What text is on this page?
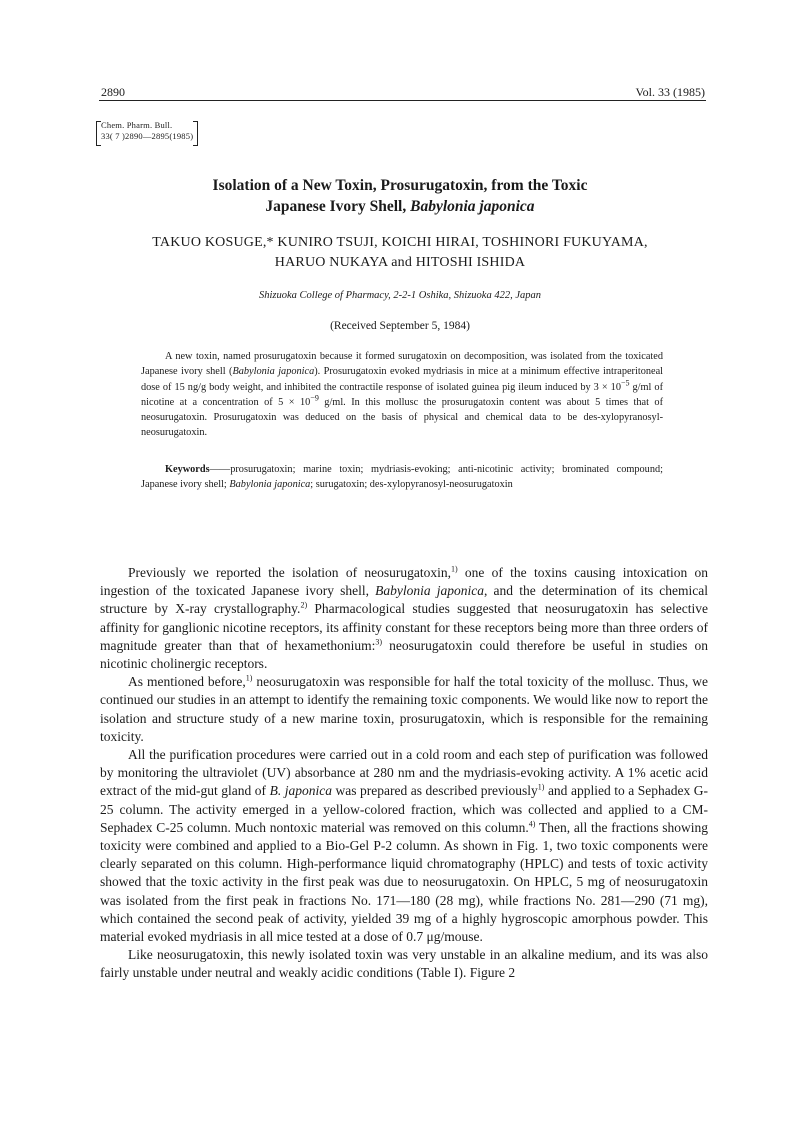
2890	Vol. 33 (1985)
Chem. Pharm. Bull.
33( 7 )2890—2895(1985)
Isolation of a New Toxin, Prosurugatoxin, from the Toxic
Japanese Ivory Shell, Babylonia japonica
TAKUO KOSUGE,* KUNIRO TSUJI, KOICHI HIRAI, TOSHINORI FUKUYAMA,
HARUO NUKAYA and HITOSHI ISHIDA
Shizuoka College of Pharmacy, 2-2-1 Oshika, Shizuoka 422, Japan
(Received September 5, 1984)

A new toxin, named prosurugatoxin because it formed surugatoxin on decomposition, was isolated from the toxicated Japanese ivory shell (Babylonia japonica). Prosurugatoxin evoked mydriasis in mice at a minimum effective intraperitoneal dose of 15 ng/g body weight, and inhibited the contractile response of isolated guinea pig ileum induced by $3 \times 10^{-5}$ g/ml of nicotine at a concentration of $5 \times 10^{-9}$ g/ml. In this mollusc the prosurugatoxin content was about 5 times that of neosurugatoxin. Prosurugatoxin was deduced on the basis of physical and chemical data to be des-xylopyranosyl-neosurugatoxin.

Keywords——prosurugatoxin; marine toxin; mydriasis-evoking; anti-nicotinic activity; brominated compound; Japanese ivory shell; Babylonia japonica; surugatoxin; des-xylopyranosyl-neosurugatoxin

Previously we reported the isolation of neosurugatoxin,$^{1)}$ one of the toxins causing intoxication on ingestion of the toxicated Japanese ivory shell, Babylonia japonica, and the determination of its chemical structure by X-ray crystallography.$^{2)}$ Pharmacological studies suggested that neosurugatoxin has selective affinity for ganglionic nicotine receptors, its affinity constant for these receptors being more than three orders of magnitude greater than that of hexamethonium:$^{3)}$ neosurugatoxin could therefore be useful in studies on nicotinic cholinergic receptors.

As mentioned before,$^{1)}$ neosurugatoxin was responsible for half the total toxicity of the mollusc. Thus, we continued our studies in an attempt to identify the remaining toxic components. We would like now to report the isolation and structure study of a new marine toxin, prosurugatoxin, which is responsible for the remaining toxicity.

All the purification procedures were carried out in a cold room and each step of purification was followed by monitoring the ultraviolet (UV) absorbance at 280 nm and the mydriasis-evoking activity. A 1% acetic acid extract of the mid-gut gland of B. japonica was prepared as described previously$^{1)}$ and applied to a Sephadex G-25 column. The activity emerged in a yellow-colored fraction, which was collected and applied to a CM-Sephadex C-25 column. Much nontoxic material was removed on this column.$^{4)}$ Then, all the fractions showing toxicity were combined and applied to a Bio-Gel P-2 column. As shown in Fig. 1, two toxic components were clearly separated on this column. High-performance liquid chromatography (HPLC) and tests of toxic activity showed that the toxic activity in the first peak was due to neosurugatoxin. On HPLC, 5 mg of neosurugatoxin was isolated from the first peak in fractions No. 171—180 (28 mg), while fractions No. 281—290 (71 mg), which contained the second peak of activity, yielded 39 mg of a highly hygroscopic amorphous powder. This material evoked mydriasis in all mice tested at a dose of 0.7 μg/mouse.

Like neosurugatoxin, this newly isolated toxin was very unstable in an alkaline medium, and its was also fairly unstable under neutral and weakly acidic conditions (Table I). Figure 2
